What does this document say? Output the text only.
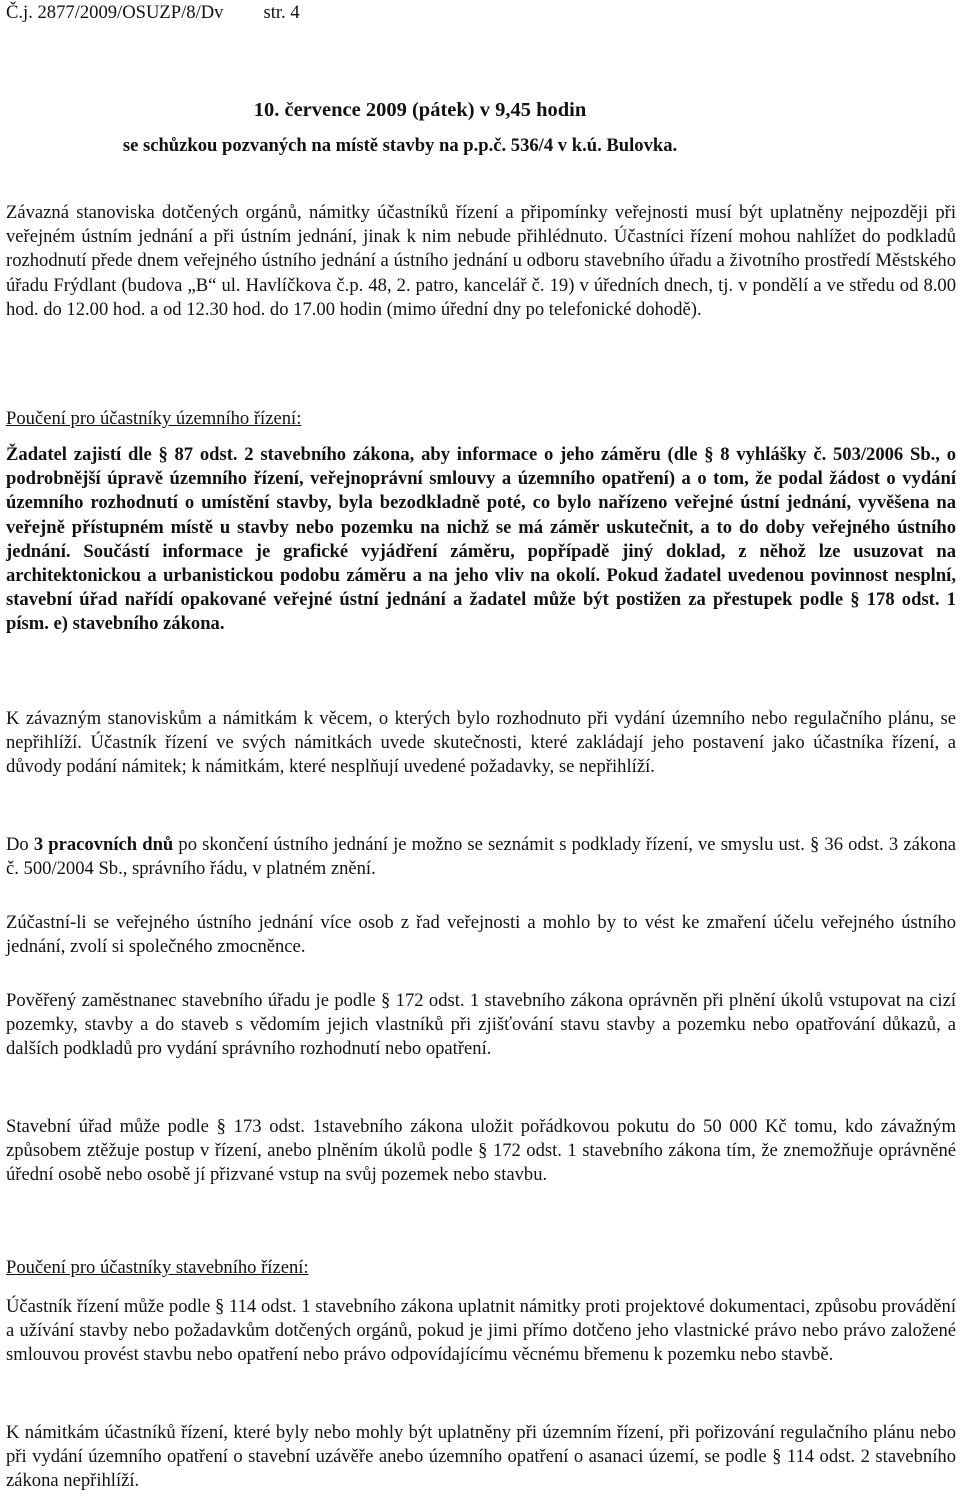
Č.j. 2877/2009/OSUZP/8/Dv str. 4
10. července 2009 (pátek) v 9,45 hodin
se schůzkou pozvaných na místě stavby na p.p.č. 536/4 v k.ú. Bulovka.

Závazná stanoviska dotčených orgánů, námitky účastníků řízení a připomínky veřejnosti musí být uplatněny nejpozději při veřejném ústním jednání a při ústním jednání, jinak k nim nebude přihlédnuto. Účastníci řízení mohou nahlížet do podkladů rozhodnutí přede dnem veřejného ústního jednání a ústního jednání u odboru stavebního úřadu a životního prostředí Městského úřadu Frýdlant (budova „B“ ul. Havlíčkova č.p. 48, 2. patro, kancelář č. 19) v úředních dnech, tj. v pondělí a ve středu od 8.00 hod. do 12.00 hod. a od 12.30 hod. do 17.00 hodin (mimo úřední dny po telefonické dohodě).

Poučení pro účastníky územního řízení:

Žadatel zajistí dle § 87 odst. 2 stavebního zákona, aby informace o jeho záměru (dle § 8 vyhlášky č. 503/2006 Sb., o podrobnější úpravě územního řízení, veřejnoprávní smlouvy a územního opatření) a o tom, že podal žádost o vydání územního rozhodnutí o umístění stavby, byla bezodkladně poté, co bylo nařízeno veřejné ústní jednání, vyvěšena na veřejně přístupném místě u stavby nebo pozemku na nichž se má záměr uskutečnit, a to do doby veřejného ústního jednání. Součástí informace je grafické vyjádření záměru, popřípadě jiný doklad, z něhož lze usuzovat na architektonickou a urbanistickou podobu záměru a na jeho vliv na okolí. Pokud žadatel uvedenou povinnost nesplní, stavební úřad nařídí opakované veřejné ústní jednání a žadatel může být postižen za přestupek podle § 178 odst. 1 písm. e) stavebního zákona.

K závazným stanoviskům a námitkám k věcem, o kterých bylo rozhodnuto při vydání územního nebo regulačního plánu, se nepřihlíží. Účastník řízení ve svých námitkách uvede skutečnosti, které zakládají jeho postavení jako účastníka řízení, a důvody podání námitek; k námitkám, které nesplňují uvedené požadavky, se nepřihlíží.

Do 3 pracovních dnů po skončení ústního jednání je možno se seznámit s podklady řízení, ve smyslu ust. § 36 odst. 3 zákona č. 500/2004 Sb., správního řádu, v platném znění.

Zúčastní-li se veřejného ústního jednání více osob z řad veřejnosti a mohlo by to vést ke zmaření účelu veřejného ústního jednání, zvolí si společného zmocněnce.

Pověřený zaměstnanec stavebního úřadu je podle § 172 odst. 1 stavebního zákona oprávněn při plnění úkolů vstupovat na cizí pozemky, stavby a do staveb s vědomím jejich vlastníků při zjišťování stavu stavby a pozemku nebo opatřování důkazů, a dalších podkladů pro vydání správního rozhodnutí nebo opatření.

Stavební úřad může podle § 173 odst. 1stavebního zákona uložit pořádkovou pokutu do 50 000 Kč tomu, kdo závažným způsobem ztěžuje postup v řízení, anebo plněním úkolů podle § 172 odst. 1 stavebního zákona tím, že znemožňuje oprávněné úřední osobě nebo osobě jí přizvané vstup na svůj pozemek nebo stavbu.

Poučení pro účastníky stavebního řízení:

Účastník řízení může podle § 114 odst. 1 stavebního zákona uplatnit námitky proti projektové dokumentaci, způsobu provádění a užívání stavby nebo požadavkům dotčených orgánů, pokud je jimi přímo dotčeno jeho vlastnické právo nebo právo založené smlouvou provést stavbu nebo opatření nebo právo odpovídajícímu věcnému břemenu k pozemku nebo stavbě.

K námitkám účastníků řízení, které byly nebo mohly být uplatněny při územním řízení, při pořizování regulačního plánu nebo při vydání územního opatření o stavební uzávěře anebo územního opatření o asanaci území, se podle § 114 odst. 2 stavebního zákona nepřihlíží.
